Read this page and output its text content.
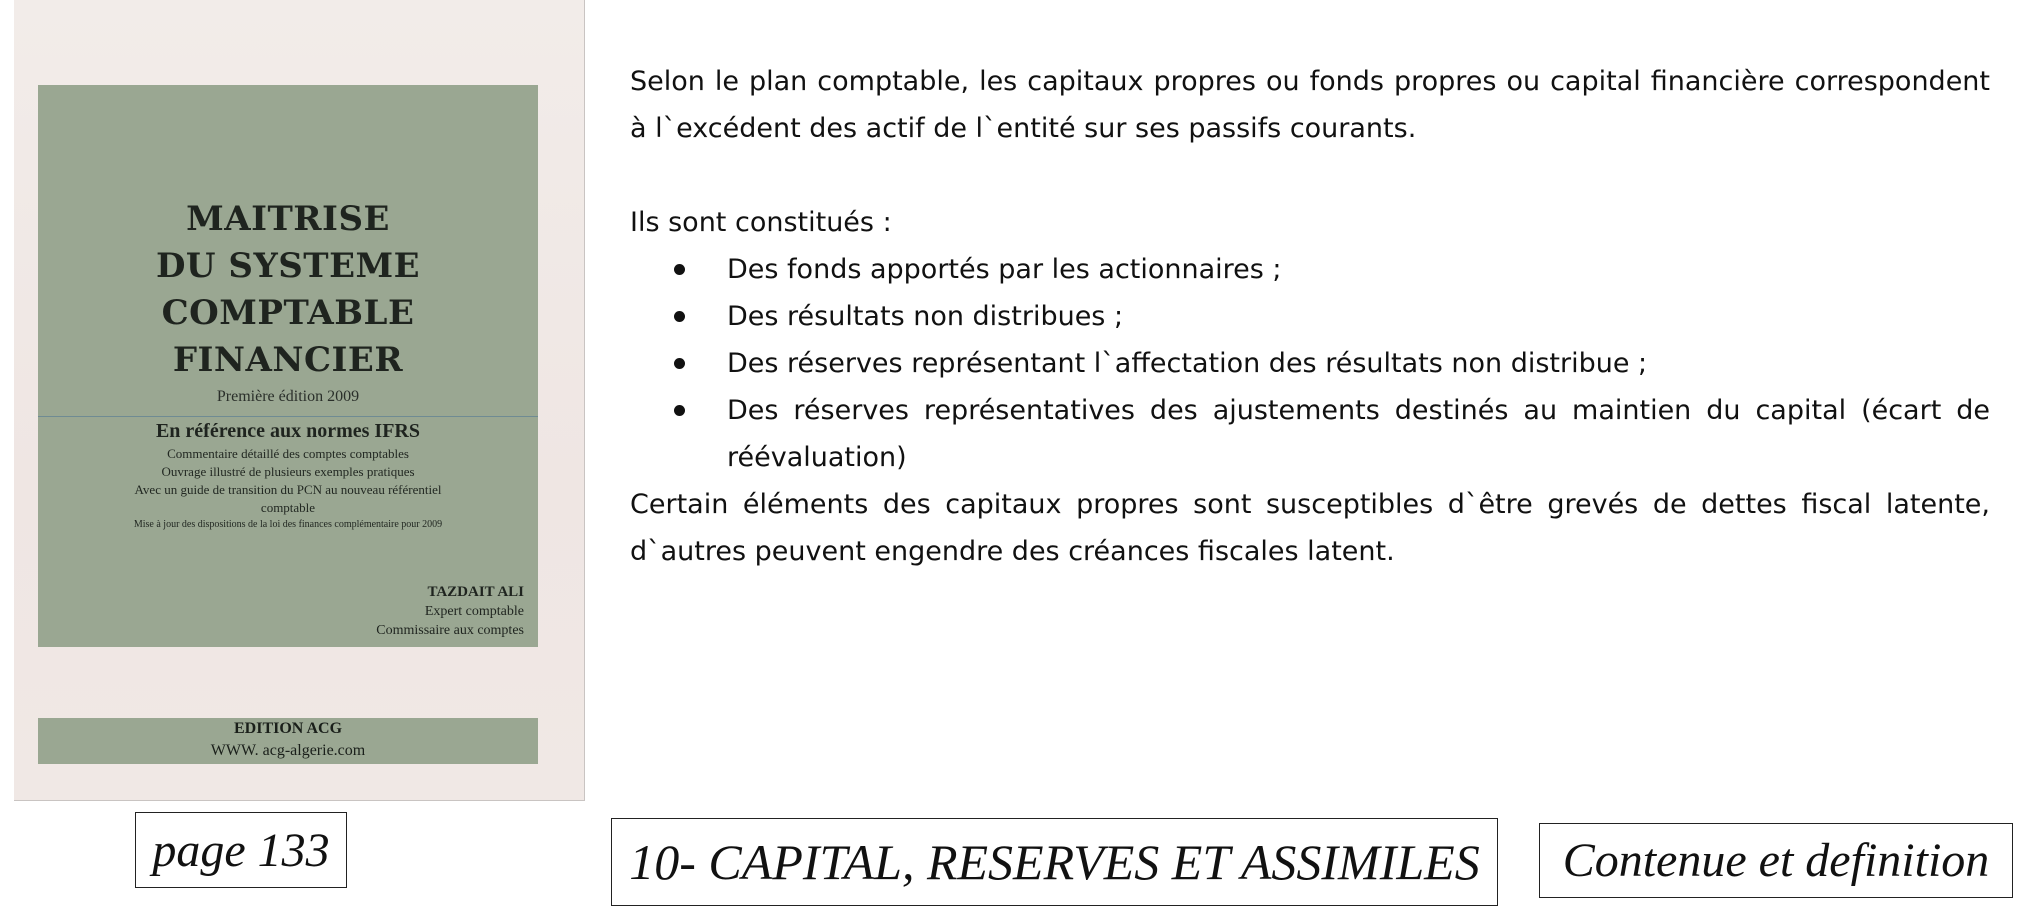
MAITRISE
DU SYSTEME
COMPTABLE
FINANCIER
Première édition 2009
En référence aux normes IFRS
Commentaire détaillé des comptes comptables
Ouvrage illustré de plusieurs exemples pratiques
Avec un guide de transition du PCN au nouveau référentiel
comptable
Mise à jour des dispositions de la loi des finances complémentaire pour 2009
TAZDAIT ALI
Expert comptable
Commissaire aux comptes
EDITION ACG
WWW. acg-algerie.com
Selon le plan comptable, les capitaux propres ou fonds propres ou capital financière correspondent à l`excédent des actif de l`entité sur ses passifs courants.
Ils sont constitués :
Des fonds apportés par les actionnaires ;
Des résultats non distribues ;
Des réserves représentant l`affectation des résultats non distribue ;
Des réserves représentatives des ajustements destinés au maintien du capital (écart de réévaluation)
Certain éléments des capitaux propres sont susceptibles d`être grevés de dettes fiscal latente, d`autres peuvent engendre des créances fiscales latent.
page 133	10- CAPITAL, RESERVES ET ASSIMILES	Contenue et definition
